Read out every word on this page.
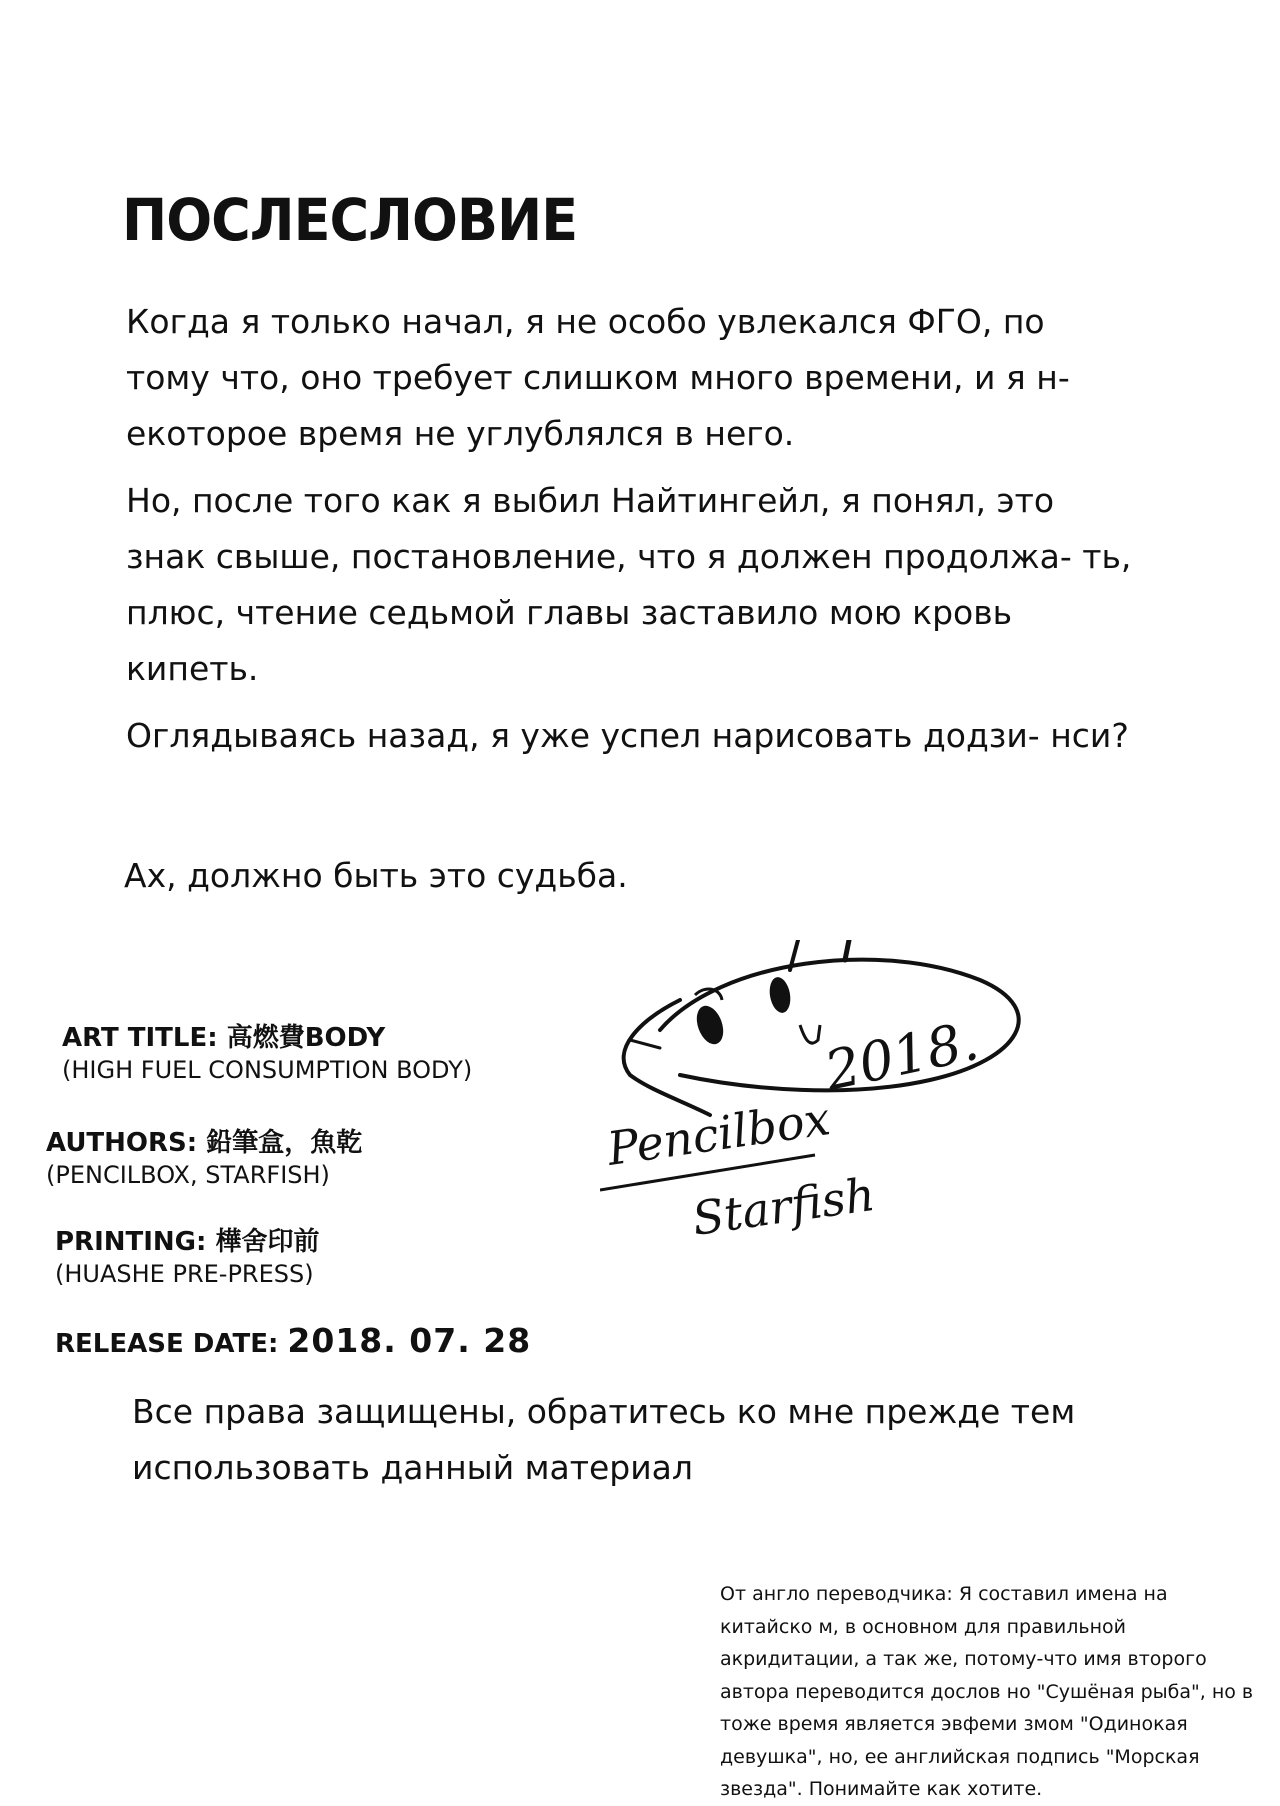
ПОСЛЕСЛОВИЕ

Когда я только начал, я не особо увлекался ФГО, по тому что, оно требует слишком много времени, и я н- екоторое время не углублялся в него.

Но, после того как я выбил Найтингейл, я понял, это знак свыше, постановление, что я должен продолжа- ть, плюс, чтение седьмой главы заставило мою кровь кипеть.

Оглядываясь назад, я уже успел нарисовать додзи- нси?

Ах, должно быть это судьба.

ART TITLE: 高燃費BODY
(HIGH FUEL CONSUMPTION BODY)
AUTHORS: 鉛筆盒，魚乾
(PENCILBOX, STARFISH)
PRINTING: 樺舍印前
(HUASHE PRE-PRESS)
RELEASE DATE: 2018. 07. 28

Все права защищены, обратитесь ко мне прежде тем использовать данный материал

От англо переводчика: Я составил имена на китайско м, в основном для правильной акридитации, а так же, потому-что имя второго автора переводится дослов но "Сушёная рыба", но в тоже время является эвфеми змом "Одинокая девушка", но, ее английская подпись "Морская звезда". Понимайте как хотите.

Pencilbox
Starfish
2018.
